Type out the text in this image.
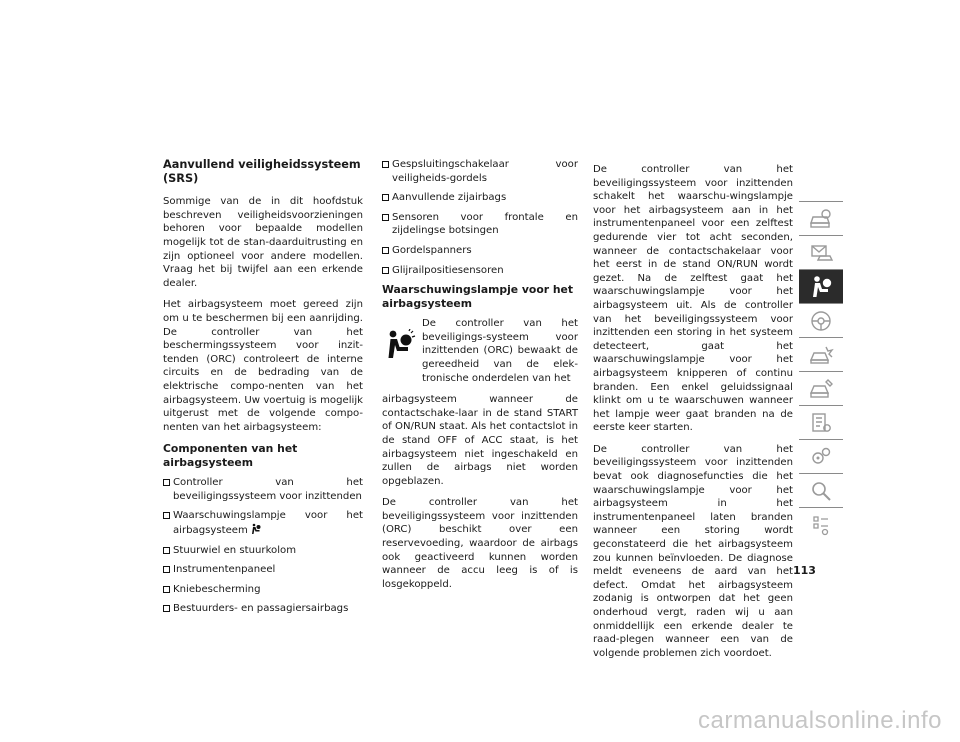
Aanvullend veiligheidssysteem (SRS)

Sommige van de in dit hoofdstuk beschreven veiligheidsvoorzieningen behoren voor bepaalde modellen mogelijk tot de stan-daarduitrusting en zijn optioneel voor andere modellen. Vraag het bij twijfel aan een erkende dealer.

Het airbagsysteem moet gereed zijn om u te beschermen bij een aanrijding. De controller van het beschermingssysteem voor inzit-tenden (ORC) controleert de interne circuits en de bedrading van de elektrische compo-nenten van het airbagsysteem. Uw voertuig is mogelijk uitgerust met de volgende compo-nenten van het airbagsysteem:

Componenten van het airbagsysteem
Controller van het beveiligingssysteem voor inzittenden
Waarschuwingslampje voor het airbagsysteem
Stuurwiel en stuurkolom
Instrumentenpaneel
Kniebescherming
Bestuurders- en passagiersairbags
Gespsluitingschakelaar voor veiligheids-gordels
Aanvullende zijairbags
Sensoren voor frontale en zijdelingse botsingen
Gordelspanners
Glijrailpositiesensoren
Waarschuwingslampje voor het airbagsysteem

De controller van het beveiligings-systeem voor inzittenden (ORC) bewaakt de gereedheid van de elek-tronische onderdelen van het

airbagsysteem wanneer de contactschake-laar in de stand START of ON/RUN staat. Als het contactslot in de stand OFF of ACC staat, is het airbagsysteem niet ingeschakeld en zullen de airbags niet worden opgeblazen.

De controller van het beveiligingssysteem voor inzittenden (ORC) beschikt over een reservevoeding, waardoor de airbags ook geactiveerd kunnen worden wanneer de accu leeg is of is losgekoppeld.

De controller van het beveiligingssysteem voor inzittenden schakelt het waarschu-wingslampje voor het airbagsysteem aan in het instrumentenpaneel voor een zelftest gedurende vier tot acht seconden, wanneer de contactschakelaar voor het eerst in de stand ON/RUN wordt gezet. Na de zelftest gaat het waarschuwingslampje voor het airbagsysteem uit. Als de controller van het beveiligingssysteem voor inzittenden een storing in het systeem detecteert, gaat het waarschuwingslampje voor het airbagsysteem knipperen of continu branden. Een enkel geluidssignaal klinkt om u te waarschuwen wanneer het lampje weer gaat branden na de eerste keer starten.

De controller van het beveiligingssysteem voor inzittenden bevat ook diagnosefuncties die het waarschuwingslampje voor het airbagsysteem in het instrumentenpaneel laten branden wanneer een storing wordt geconstateerd die het airbagsysteem zou kunnen beïnvloeden. De diagnose meldt eveneens de aard van het defect. Omdat het airbagsysteem zodanig is ontworpen dat het geen onderhoud vergt, raden wij u aan onmiddellijk een erkende dealer te raad-plegen wanneer een van de volgende problemen zich voordoet.

113
carmanualsonline.info
